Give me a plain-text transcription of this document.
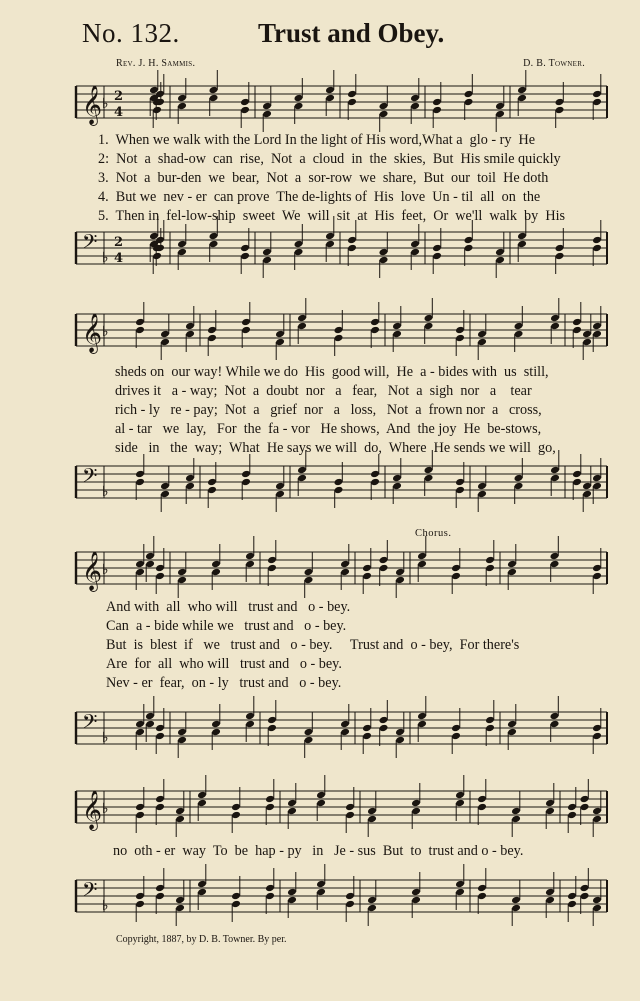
No. 132.	Trust and Obey.
Rev. J. H. Sammis.	D. B. Towner.
𝄞 ♭ 2
4
1.  When we walk with the Lord In the light of His word,What a  glo - ry  He
2:  Not  a  shad-ow  can  rise,  Not  a  cloud  in  the  skies,  But  His smile quickly
3.  Not  a  bur-den  we  bear,  Not  a  sor-row  we  share,  But  our  toil  He doth
4.  But we  nev - er  can prove  The de-lights of  His  love  Un - til  all  on  the
5.  Then in  fel-low-ship  sweet  We  will  sit  at  His  feet,  Or  we'll  walk  by  His
𝄢 ♭
2
4
𝄞 ♭
sheds on  our way! While we do  His  good will,  He  a - bides with  us  still,
drives it   a - way;  Not  a  doubt  nor   a   fear,   Not  a  sigh  nor   a    tear
rich - ly   re - pay;  Not  a   grief  nor   a   loss,   Not  a  frown nor  a   cross,
al - tar   we  lay,   For  the  fa - vor   He shows,  And  the joy  He  be-stows,
side   in   the  way;  What  He says we will  do,  Where  He sends we will  go,
𝄢 ♭
Chorus.
𝄞 ♭
And with  all  who will   trust and   o - bey.
Can  a - bide while we   trust and   o - bey.
But  is  blest  if   we   trust and   o - bey.     Trust and  o - bey,  For there's
Are  for  all  who will   trust and   o - bey.
Nev - er  fear,  on - ly   trust and   o - bey.
𝄢 ♭
𝄞 ♭
no  oth - er  way  To  be  hap - py   in   Je - sus  But  to  trust and o - bey.
𝄢 ♭
Copyright, 1887, by D. B. Towner. By per.
